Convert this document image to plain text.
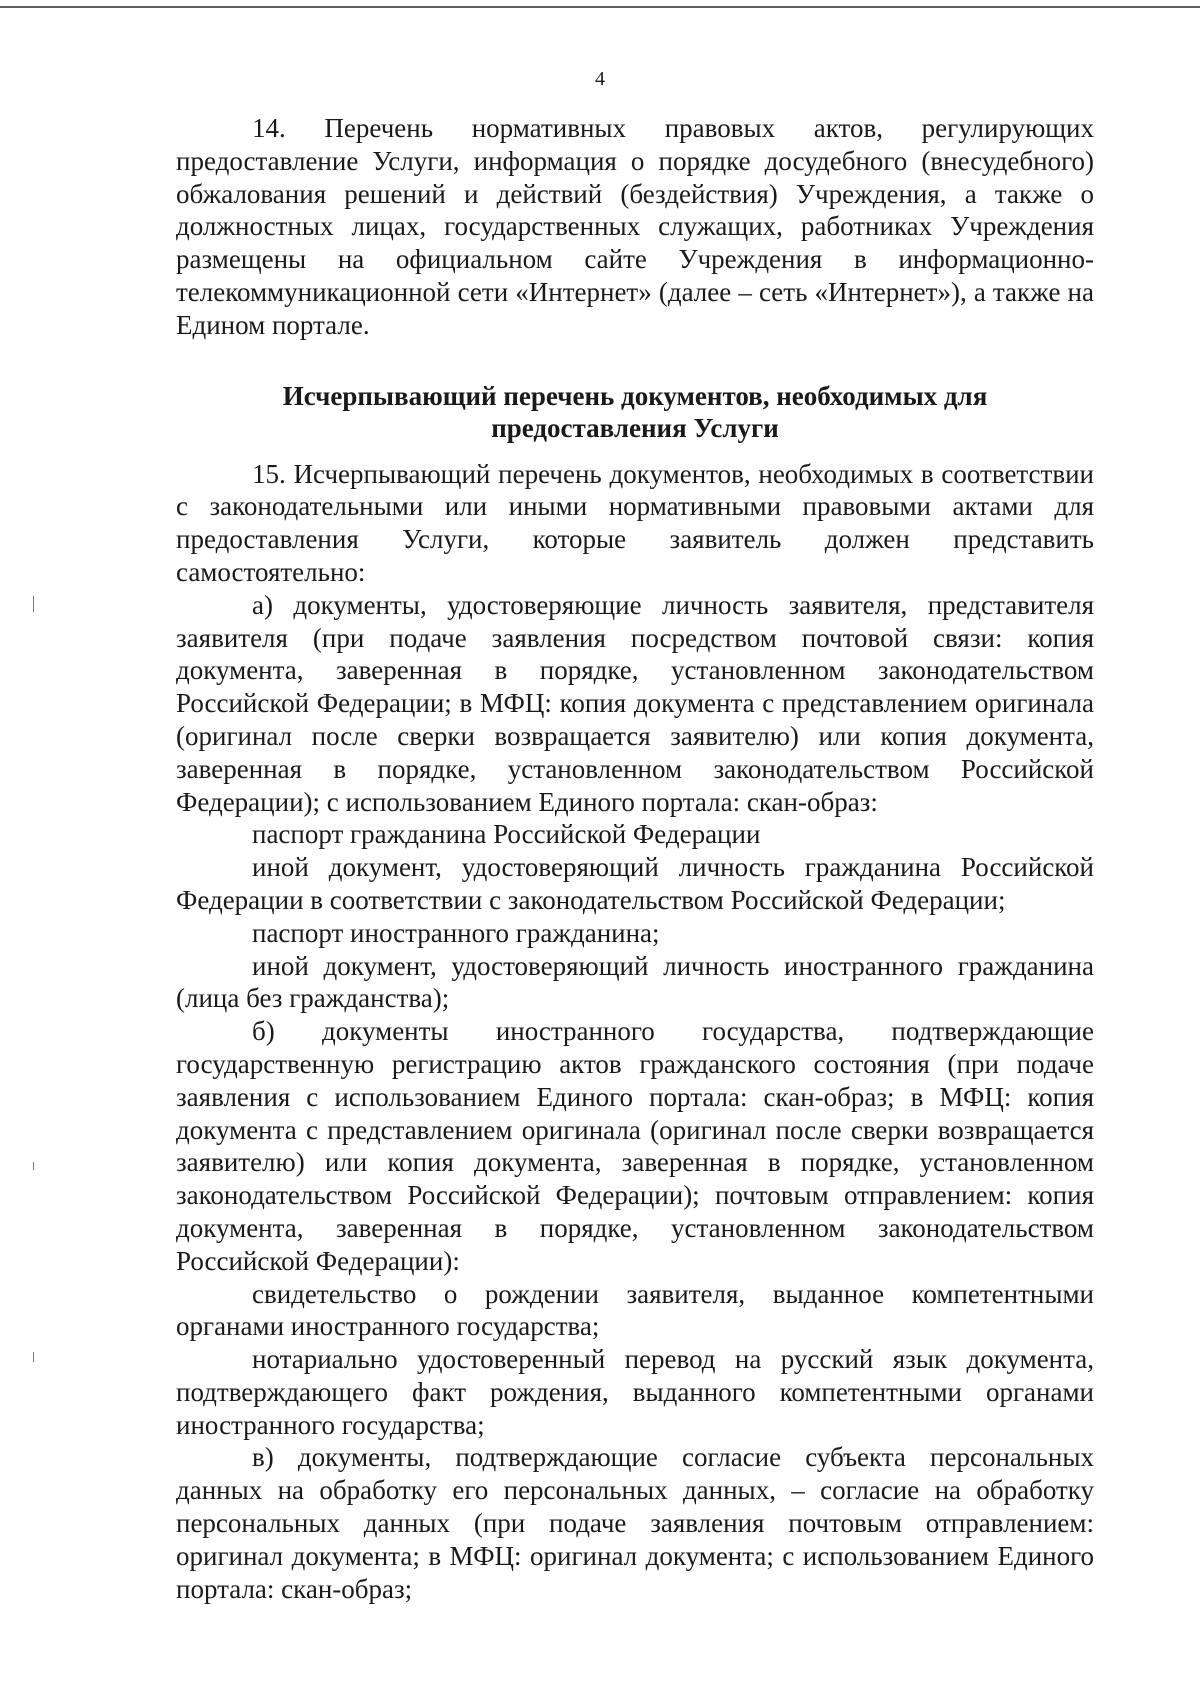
4

14. Перечень нормативных правовых актов, регулирующих предоставление Услуги, информация о порядке досудебного (внесудебного) обжалования решений и действий (бездействия) Учреждения, а также о должностных лицах, государственных служащих, работниках Учреждения размещены на официальном сайте Учреждения в информационно-телекоммуникационной сети «Интернет» (далее – сеть «Интернет»), а также на Едином портале.

Исчерпывающий перечень документов, необходимых для
предоставления Услуги

15. Исчерпывающий перечень документов, необходимых в соответствии с законодательными или иными нормативными правовыми актами для предоставления Услуги, которые заявитель должен представить самостоятельно:

а) документы, удостоверяющие личность заявителя, представителя заявителя (при подаче заявления посредством почтовой связи: копия документа, заверенная в порядке, установленном законодательством Российской Федерации; в МФЦ: копия документа с представлением оригинала (оригинал после сверки возвращается заявителю) или копия документа, заверенная в порядке, установленном законодательством Российской Федерации); с использованием Единого портала: скан-образ:

паспорт гражданина Российской Федерации

иной документ, удостоверяющий личность гражданина Российской Федерации в соответствии с законодательством Российской Федерации;

паспорт иностранного гражданина;

иной документ, удостоверяющий личность иностранного гражданина (лица без гражданства);

б) документы иностранного государства, подтверждающие государственную регистрацию актов гражданского состояния (при подаче заявления с использованием Единого портала: скан-образ; в МФЦ: копия документа с представлением оригинала (оригинал после сверки возвращается заявителю) или копия документа, заверенная в порядке, установленном законодательством Российской Федерации); почтовым отправлением: копия документа, заверенная в порядке, установленном законодательством Российской Федерации):

свидетельство о рождении заявителя, выданное компетентными органами иностранного государства;

нотариально удостоверенный перевод на русский язык документа, подтверждающего факт рождения, выданного компетентными органами иностранного государства;

в) документы, подтверждающие согласие субъекта персональных данных на обработку его персональных данных, – согласие на обработку персональных данных (при подаче заявления почтовым отправлением: оригинал документа; в МФЦ: оригинал документа; с использованием Единого портала: скан-образ;
